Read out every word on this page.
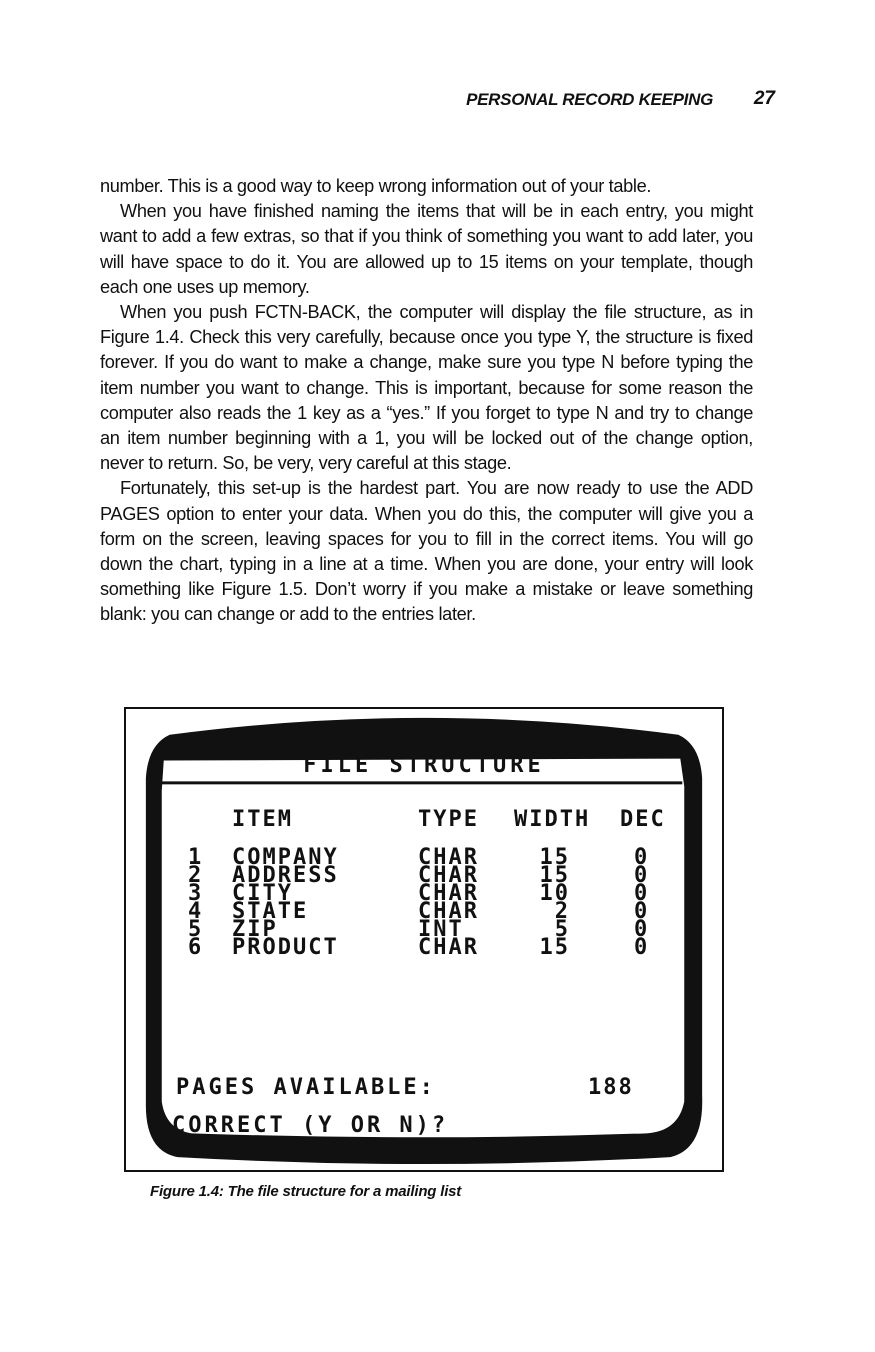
PERSONAL RECORD KEEPING 27

number. This is a good way to keep wrong information out of your table.

When you have finished naming the items that will be in each entry, you might want to add a few extras, so that if you think of something you want to add later, you will have space to do it. You are allowed up to 15 items on your template, though each one uses up memory.

When you push FCTN-BACK, the computer will display the file structure, as in Figure 1.4. Check this very carefully, because once you type Y, the structure is fixed forever. If you do want to make a change, make sure you type N before typing the item number you want to change. This is important, because for some reason the computer also reads the 1 key as a “yes.” If you forget to type N and try to change an item number beginning with a 1, you will be locked out of the change option, never to return. So, be very, very careful at this stage.

Fortunately, this set-up is the hardest part. You are now ready to use the ADD PAGES option to enter your data. When you do this, the computer will give you a form on the screen, leaving spaces for you to fill in the correct items. You will go down the chart, typing in a line at a time. When you are done, your entry will look something like Figure 1.5. Don’t worry if you make a mistake or leave something blank: you can change or add to the entries later.

FILE STRUCTURE
ITEM	TYPE WIDTH DEC
1 COMPANY	CHAR	15	0
2 ADDRESS	CHAR	15	0
3 CITY	CHAR	10	0
4 STATE	CHAR	2	0
5 ZIP	INT	5	0
6 PRODUCT	CHAR	15	0
PAGES AVAILABLE:	188
CORRECT (Y OR N)?
Figure 1.4: The file structure for a mailing list
